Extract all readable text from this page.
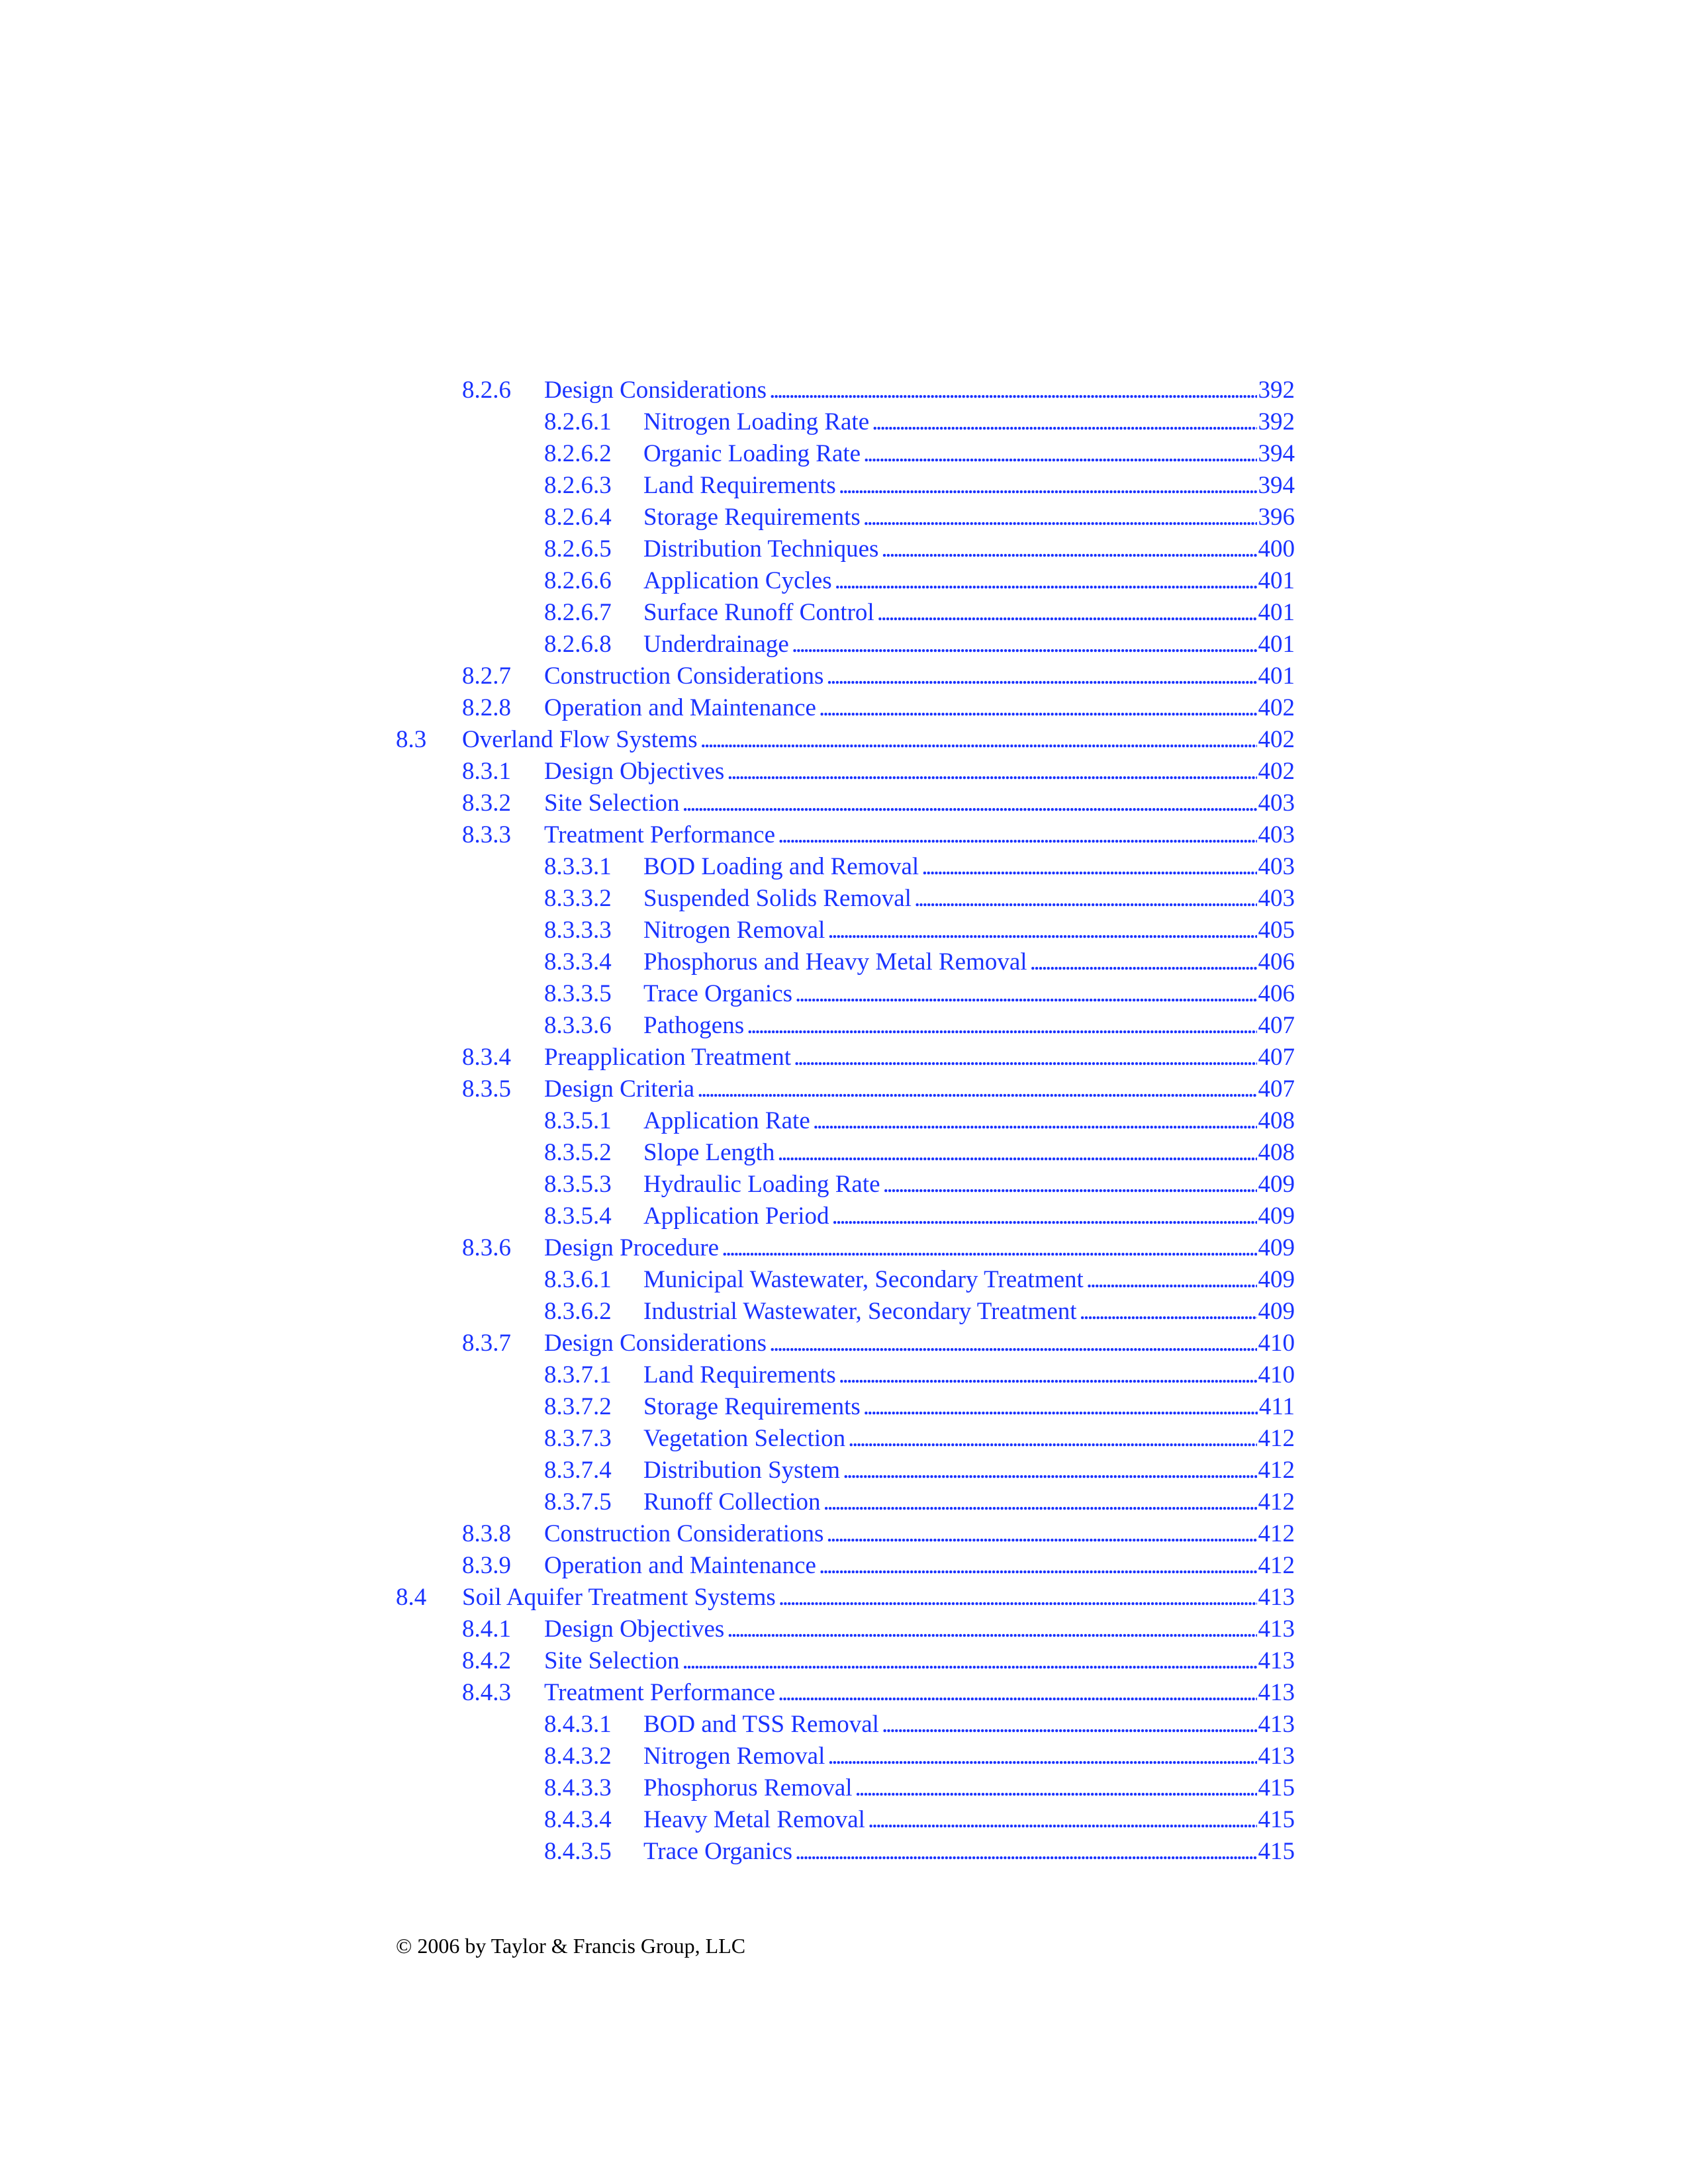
8.2.6	Design Considerations . . .	392
8.2.6.1	Nitrogen Loading Rate . . .	392
8.2.6.2	Organic Loading Rate . . .	394
8.2.6.3	Land Requirements . . .	394
8.2.6.4	Storage Requirements . . .	396
8.2.6.5	Distribution Techniques . . .	400
8.2.6.6	Application Cycles . . .	401
8.2.6.7	Surface Runoff Control . . .	401
8.2.6.8	Underdrainage . . .	401
8.2.7	Construction Considerations . . .	401
8.2.8	Operation and Maintenance . . .	402
8.3	Overland Flow Systems . . .	402
8.3.1	Design Objectives . . .	402
8.3.2	Site Selection . . .	403
8.3.3	Treatment Performance . . .	403
8.3.3.1	BOD Loading and Removal . . .	403
8.3.3.2	Suspended Solids Removal . . .	403
8.3.3.3	Nitrogen Removal . . .	405
8.3.3.4	Phosphorus and Heavy Metal Removal . . .	406
8.3.3.5	Trace Organics . . .	406
8.3.3.6	Pathogens . . .	407
8.3.4	Preapplication Treatment . . .	407
8.3.5	Design Criteria . . .	407
8.3.5.1	Application Rate . . .	408
8.3.5.2	Slope Length . . .	408
8.3.5.3	Hydraulic Loading Rate . . .	409
8.3.5.4	Application Period . . .	409
8.3.6	Design Procedure . . .	409
8.3.6.1	Municipal Wastewater, Secondary Treatment . . .	409
8.3.6.2	Industrial Wastewater, Secondary Treatment . . .	409
8.3.7	Design Considerations . . .	410
8.3.7.1	Land Requirements . . .	410
8.3.7.2	Storage Requirements . . .	411
8.3.7.3	Vegetation Selection . . .	412
8.3.7.4	Distribution System . . .	412
8.3.7.5	Runoff Collection . . .	412
8.3.8	Construction Considerations . . .	412
8.3.9	Operation and Maintenance . . .	412
8.4	Soil Aquifer Treatment Systems . . .	413
8.4.1	Design Objectives . . .	413
8.4.2	Site Selection . . .	413
8.4.3	Treatment Performance . . .	413
8.4.3.1	BOD and TSS Removal . . .	413
8.4.3.2	Nitrogen Removal . . .	413
8.4.3.3	Phosphorus Removal . . .	415
8.4.3.4	Heavy Metal Removal . . .	415
8.4.3.5	Trace Organics . . .	415
© 2006 by Taylor & Francis Group, LLC
